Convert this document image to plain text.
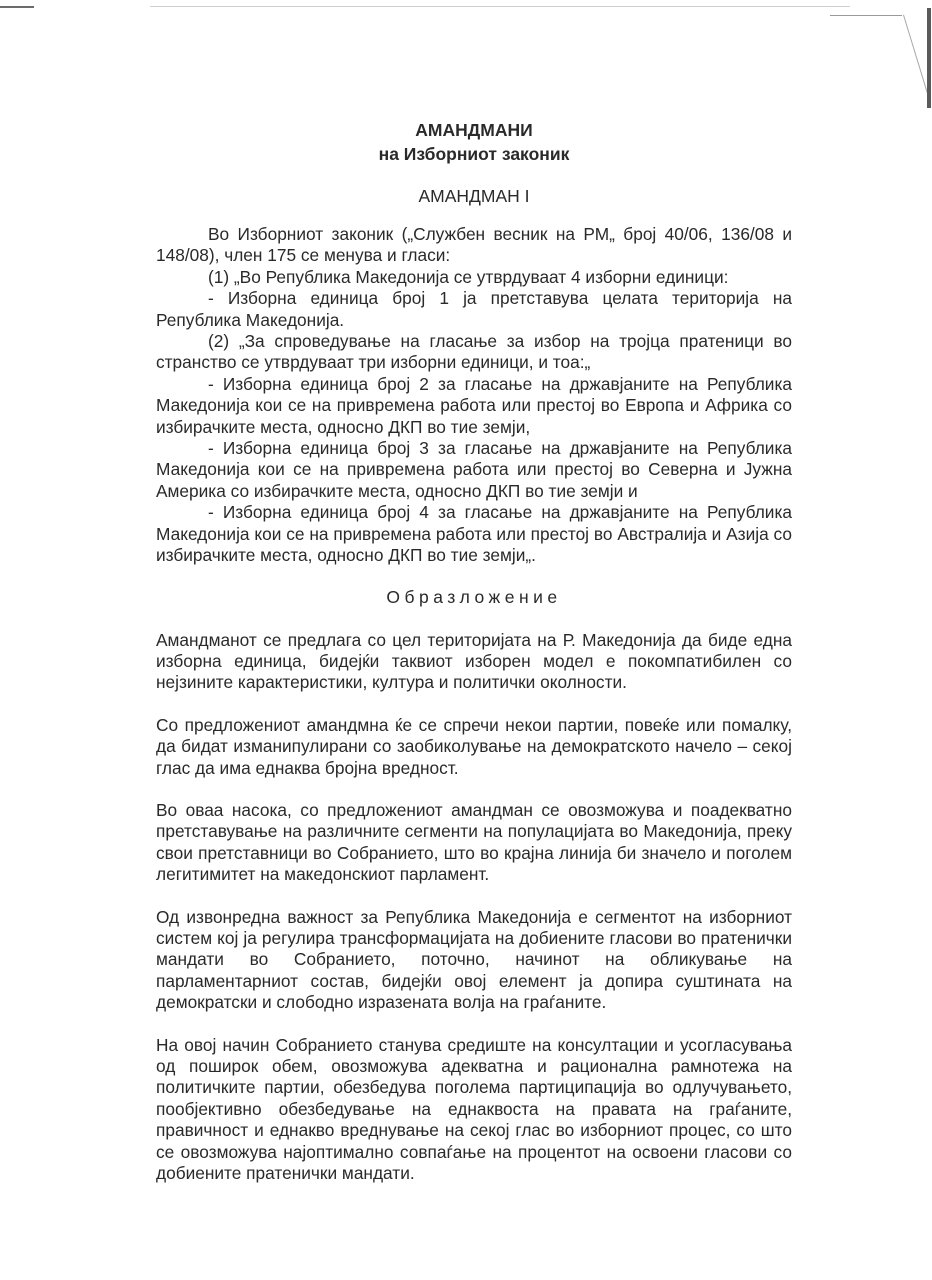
АМАНДМАНИ
на Изборниот законик
АМАНДМАН I

Во Изборниот законик („Службен весник на РМ„ број 40/06, 136/08 и 148/08), член 175 се менува и гласи:

(1) „Во Република Македонија се утврдуваат 4 изборни единици:

- Изборна единица број 1 ја претставува целата територија на Република Македонија.

(2) „За спроведување на гласање за избор на тројца пратеници во странство се утврдуваат три изборни единици, и тоа:„

- Изборна единица број 2 за гласање на државјаните на Република Македонија кои се на привремена работа или престој во Европа и Африка со избирачките места, односно ДКП во тие земји,

- Изборна единица број 3 за гласање на државјаните на Република Македонија кои се на привремена работа или престој во Северна и Јужна Америка со избирачките места, односно ДКП во тие земји и

- Изборна единица број 4 за гласање на државјаните на Република Македонија кои се на привремена работа или престој во Австралија и Азија со избирачките места, односно ДКП во тие земји„.

Образложение

Амандманот се предлага со цел територијата на Р. Македонија да биде една изборна единица, бидејќи таквиот изборен модел е покомпатибилен со нејзините карактеристики, култура и политички околности.

Со предложениот амандмна ќе се спречи некои партии, повеќе или помалку, да бидат изманипулирани со заобиколување на демократското начело – секој глас да има еднаква бројна вредност.

Во оваа насока, со предложениот амандман се овозможува и поадекватно претставување на различните сегменти на популацијата во Македонија, преку свои претставници во Собранието, што во крајна линија би значело и поголем легитимитет на македонскиот парламент.

Од извонредна важност за Република Македонија е сегментот на изборниот систем кој ја регулира трансформацијата на добиените гласови во пратенички мандати во Собранието, поточно, начинот на обликување на парламентарниот состав, бидејќи овој елемент ја допира суштината на демократски и слободно изразената волја на граѓаните.

На овој начин Собранието станува средиште на консултации и усогласувања од поширок обем, овозможува адекватна и рационална рамнотежа на политичките партии, обезбедува поголема партиципација во одлучувањето, пообјективно обезбедување на еднаквоста на правата на граѓаните, правичност и еднакво вреднување на секој глас во изборниот процес, со што се овозможува најоптимално совпаѓање на процентот на освоени гласови со добиените пратенички мандати.
